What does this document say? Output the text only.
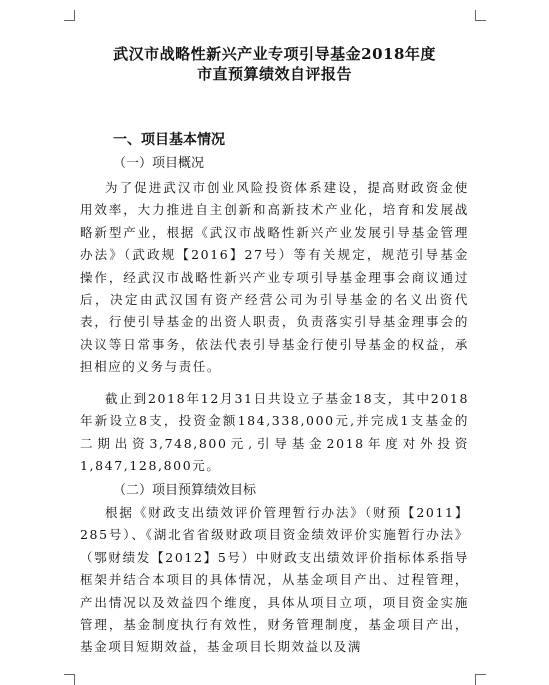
武汉市战略性新兴产业专项引导基金2018年度
市直预算绩效自评报告
一、项目基本情况
（一）项目概况

为了促进武汉市创业风险投资体系建设，提高财政资金使用效率，大力推进自主创新和高新技术产业化，培育和发展战略新型产业，根据《武汉市战略性新兴产业发展引导基金管理办法》（武政规【2016】27号）等有关规定，规范引导基金操作，经武汉市战略性新兴产业专项引导基金理事会商议通过后，决定由武汉国有资产经营公司为引导基金的名义出资代表，行使引导基金的出资人职责，负责落实引导基金理事会的决议等日常事务，依法代表引导基金行使引导基金的权益，承担相应的义务与责任。

截止到2018年12月31日共设立子基金18支，其中2018年新设立8支，投资金额184,338,000元,并完成1支基金的二期出资3,748,800元,引导基金2018年度对外投资1,847,128,800元。

（二）项目预算绩效目标

根据《财政支出绩效评价管理暂行办法》（财预【2011】285号）、《湖北省省级财政项目资金绩效评价实施暂行办法》（鄂财绩发【2012】5号）中财政支出绩效评价指标体系指导框架并结合本项目的具体情况，从基金项目产出、过程管理，产出情况以及效益四个维度，具体从项目立项，项目资金实施管理，基金制度执行有效性，财务管理制度，基金项目产出，基金项目短期效益，基金项目长期效益以及满
